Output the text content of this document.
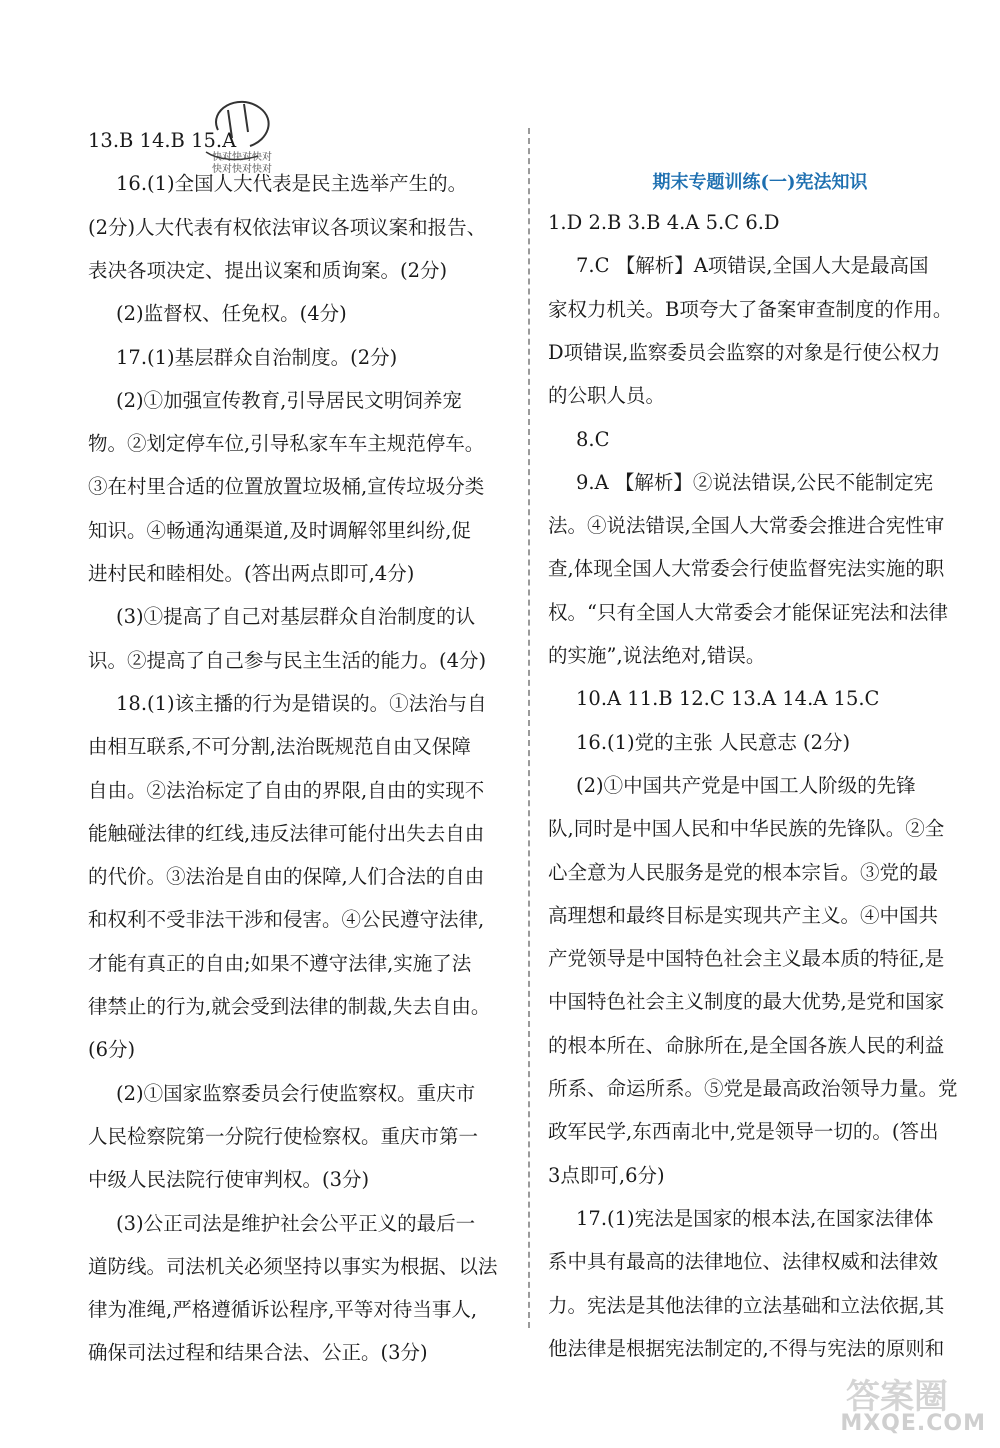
13.B 14.B 15.A
16.(1)全国人大代表是民主选举产生的。
(2分)人大代表有权依法审议各项议案和报告、
表决各项决定、提出议案和质询案。(2分)
(2)监督权、任免权。(4分)
17.(1)基层群众自治制度。(2分)
(2)①加强宣传教育,引导居民文明饲养宠
物。②划定停车位,引导私家车车主规范停车。
③在村里合适的位置放置垃圾桶,宣传垃圾分类
知识。④畅通沟通渠道,及时调解邻里纠纷,促
进村民和睦相处。(答出两点即可,4分)
(3)①提高了自己对基层群众自治制度的认
识。②提高了自己参与民主生活的能力。(4分)
18.(1)该主播的行为是错误的。①法治与自
由相互联系,不可分割,法治既规范自由又保障
自由。②法治标定了自由的界限,自由的实现不
能触碰法律的红线,违反法律可能付出失去自由
的代价。③法治是自由的保障,人们合法的自由
和权利不受非法干涉和侵害。④公民遵守法律,
才能有真正的自由;如果不遵守法律,实施了法
律禁止的行为,就会受到法律的制裁,失去自由。
(6分)
(2)①国家监察委员会行使监察权。重庆市
人民检察院第一分院行使检察权。重庆市第一
中级人民法院行使审判权。(3分)
(3)公正司法是维护社会公平正义的最后一
道防线。司法机关必须坚持以事实为根据、以法
律为准绳,严格遵循诉讼程序,平等对待当事人,
确保司法过程和结果合法、公正。(3分)
期末专题训练(一)宪法知识
1.D 2.B 3.B 4.A 5.C 6.D
7.C 【解析】A项错误,全国人大是最高国
家权力机关。B项夸大了备案审查制度的作用。
D项错误,监察委员会监察的对象是行使公权力
的公职人员。
8.C
9.A 【解析】②说法错误,公民不能制定宪
法。④说法错误,全国人大常委会推进合宪性审
查,体现全国人大常委会行使监督宪法实施的职
权。“只有全国人大常委会才能保证宪法和法律
的实施”,说法绝对,错误。
10.A 11.B 12.C 13.A 14.A 15.C
16.(1)党的主张 人民意志 (2分)
(2)①中国共产党是中国工人阶级的先锋
队,同时是中国人民和中华民族的先锋队。②全
心全意为人民服务是党的根本宗旨。③党的最
高理想和最终目标是实现共产主义。④中国共
产党领导是中国特色社会主义最本质的特征,是
中国特色社会主义制度的最大优势,是党和国家
的根本所在、命脉所在,是全国各族人民的利益
所系、命运所系。⑤党是最高政治领导力量。党
政军民学,东西南北中,党是领导一切的。(答出
3点即可,6分)
17.(1)宪法是国家的根本法,在国家法律体
系中具有最高的法律地位、法律权威和法律效
力。宪法是其他法律的立法基础和立法依据,其
他法律是根据宪法制定的,不得与宪法的原则和
快对快对快对
快对快对快对
答案圈
MXQE.COM
